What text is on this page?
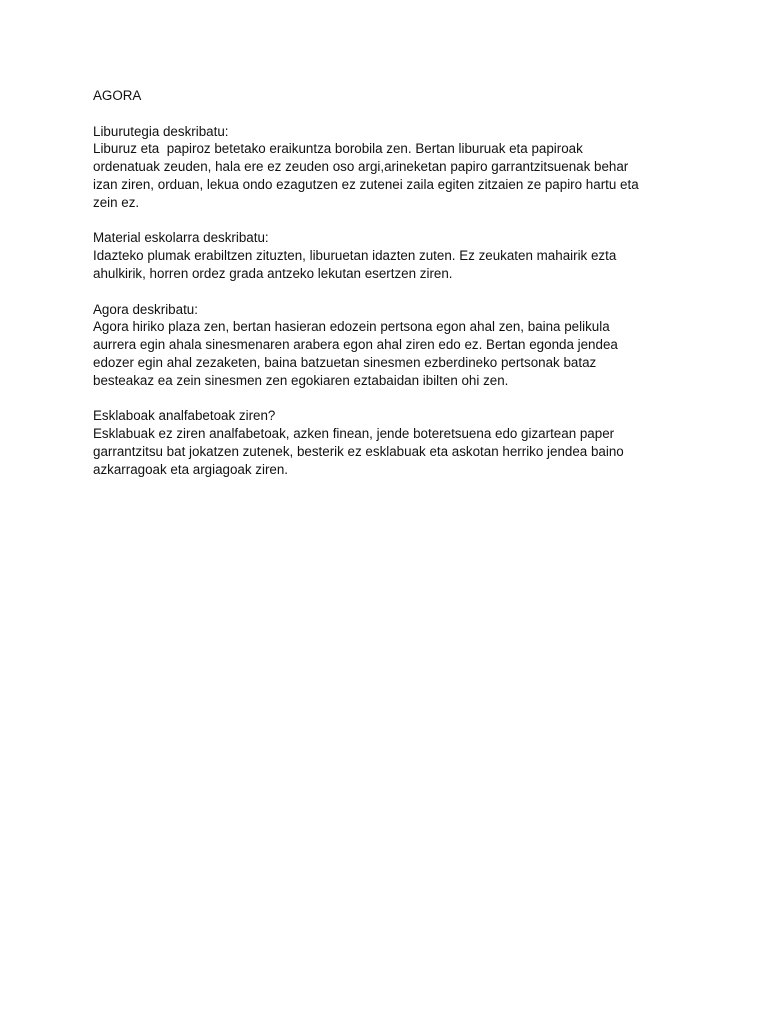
AGORA
Liburutegia deskribatu:
Liburuz eta  papiroz betetako eraikuntza borobila zen. Bertan liburuak eta papiroak
ordenatuak zeuden, hala ere ez zeuden oso argi,arineketan papiro garrantzitsuenak behar
izan ziren, orduan, lekua ondo ezagutzen ez zutenei zaila egiten zitzaien ze papiro hartu eta
zein ez.
Material eskolarra deskribatu:
Idazteko plumak erabiltzen zituzten, liburuetan idazten zuten. Ez zeukaten mahairik ezta
ahulkirik, horren ordez grada antzeko lekutan esertzen ziren.
Agora deskribatu:
Agora hiriko plaza zen, bertan hasieran edozein pertsona egon ahal zen, baina pelikula
aurrera egin ahala sinesmenaren arabera egon ahal ziren edo ez. Bertan egonda jendea
edozer egin ahal zezaketen, baina batzuetan sinesmen ezberdineko pertsonak bataz
besteakaz ea zein sinesmen zen egokiaren eztabaidan ibilten ohi zen.
Esklaboak analfabetoak ziren?
Esklabuak ez ziren analfabetoak, azken finean, jende boteretsuena edo gizartean paper
garrantzitsu bat jokatzen zutenek, besterik ez esklabuak eta askotan herriko jendea baino
azkarragoak eta argiagoak ziren.
